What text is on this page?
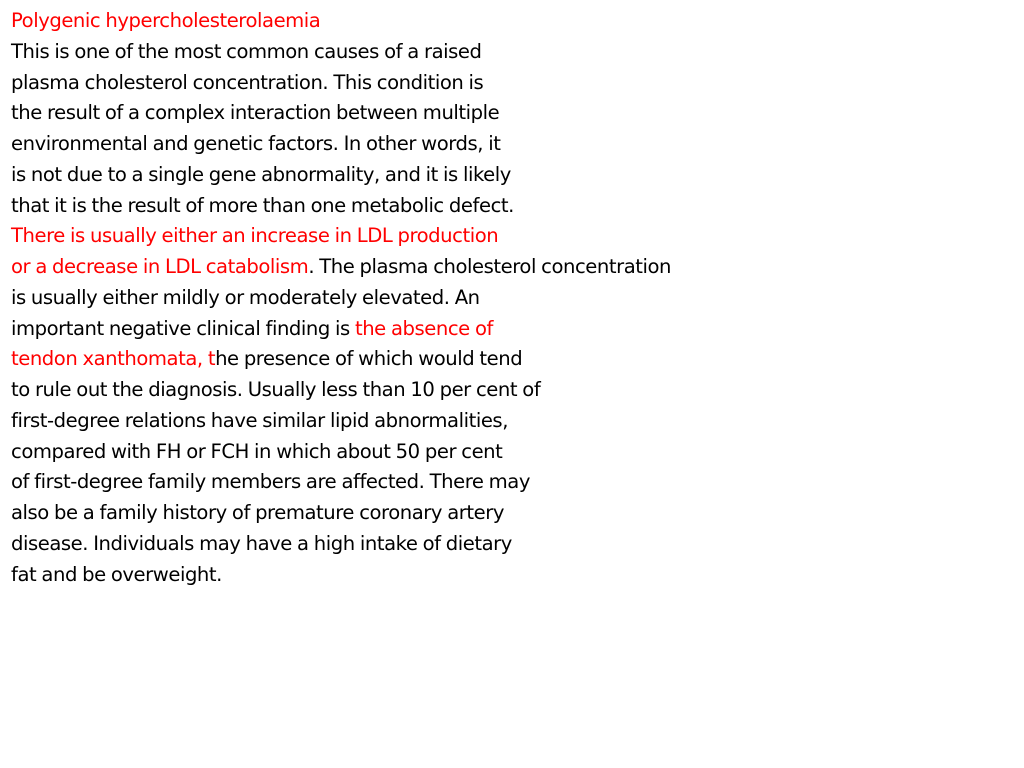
Polygenic hypercholesterolaemia
This is one of the most common causes of a raised
plasma cholesterol concentration. This condition is
the result of a complex interaction between multiple
environmental and genetic factors. In other words, it
is not due to a single gene abnormality, and it is likely
that it is the result of more than one metabolic defect.
There is usually either an increase in LDL production
or a decrease in LDL catabolism. The plasma cholesterol concentration
is usually either mildly or moderately elevated. An
important negative clinical finding is the absence of
tendon xanthomata, the presence of which would tend
to rule out the diagnosis. Usually less than 10 per cent of
first-degree relations have similar lipid abnormalities,
compared with FH or FCH in which about 50 per cent
of first-degree family members are affected. There may
also be a family history of premature coronary artery
disease. Individuals may have a high intake of dietary
fat and be overweight.
